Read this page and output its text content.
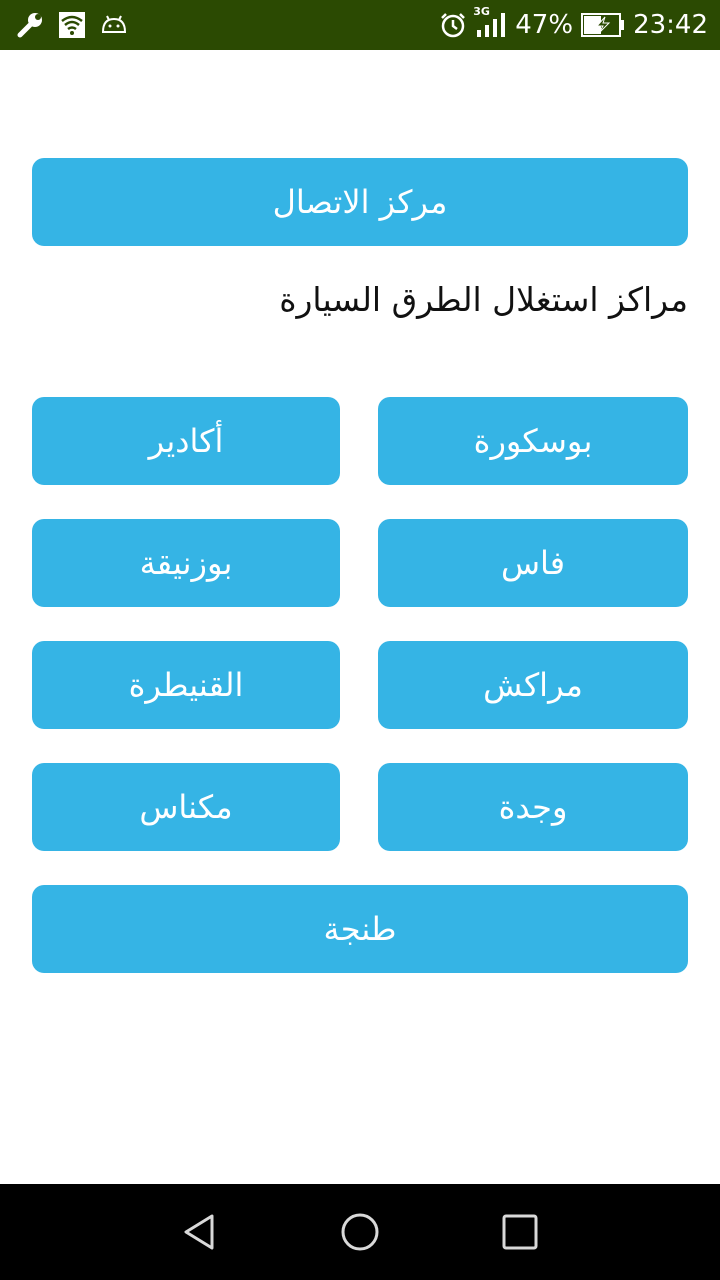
3G 47% 23:42
مركز الاتصال
مراكز استغلال الطرق السيارة
بوسكورة
أكادير
فاس
بوزنيقة
مراكش
القنيطرة
وجدة
مكناس
طنجة
